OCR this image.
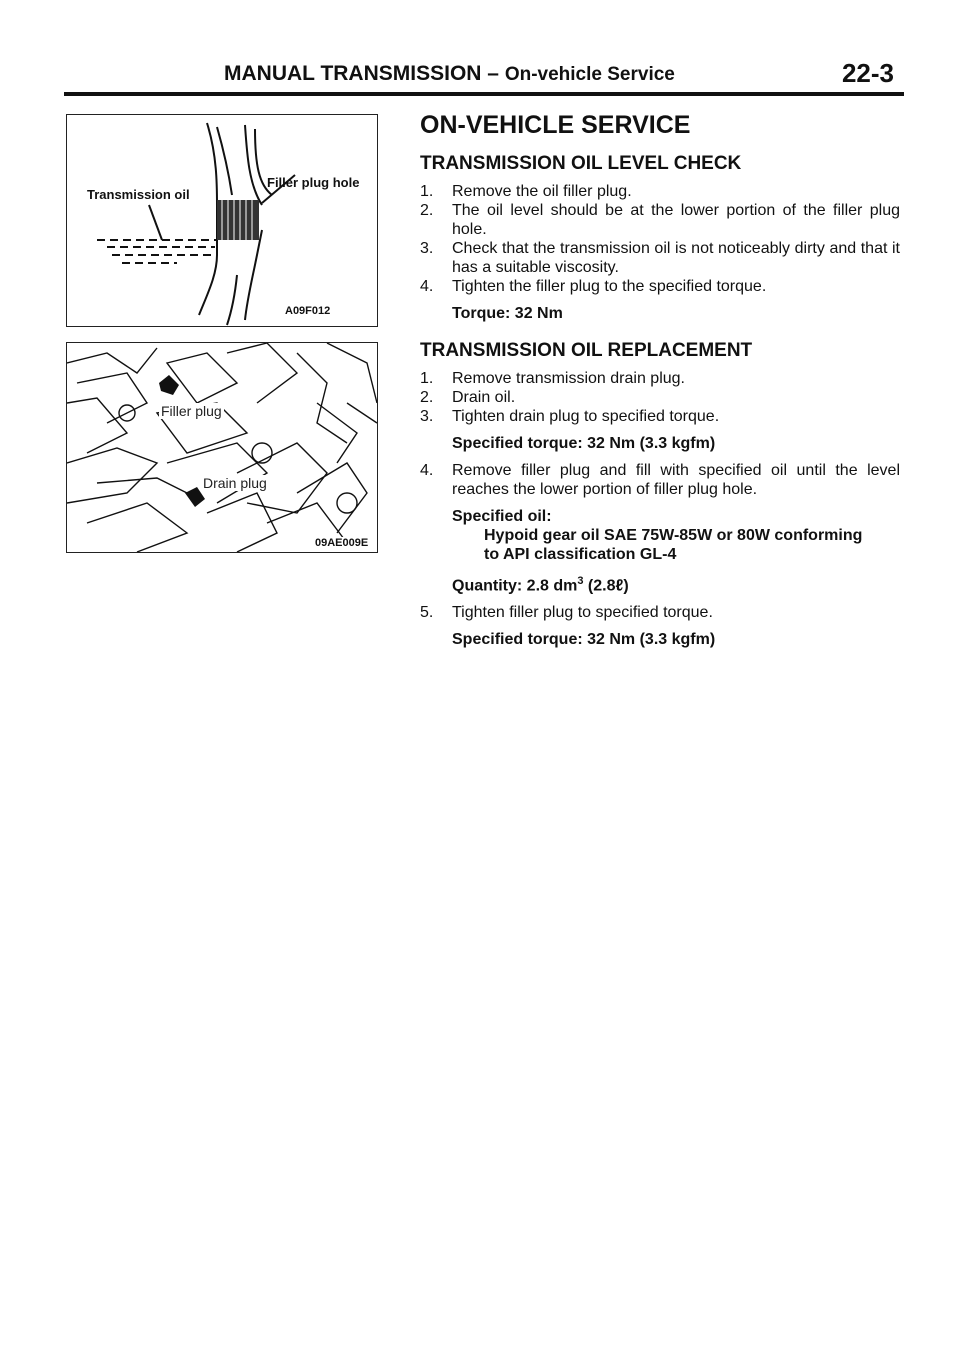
MANUAL TRANSMISSION – On-vehicle Service	22-3
Transmission oil
Filler plug hole
A09F012
Filler plug
Drain plug
09AE009E
ON-VEHICLE SERVICE
TRANSMISSION OIL LEVEL CHECK
1.	Remove the oil filler plug.
2.	The oil level should be at the lower portion of the filler plug hole.
3.	Check that the transmission oil is not noticeably dirty and that it has a suitable viscosity.
4.	Tighten the filler plug to the specified torque.
Torque: 32 Nm
TRANSMISSION OIL REPLACEMENT
1.	Remove transmission drain plug.
2.	Drain oil.
3.	Tighten drain plug to specified torque.
Specified torque: 32 Nm (3.3 kgfm)
4.	Remove filler plug and fill with specified oil until the level reaches the lower portion of filler plug hole.
Specified oil:
Hypoid gear oil SAE 75W-85W or 80W conforming
to API classification GL-4
Quantity: 2.8 $dm^3$ (2.8ℓ)
5.	Tighten filler plug to specified torque.
Specified torque: 32 Nm (3.3 kgfm)
